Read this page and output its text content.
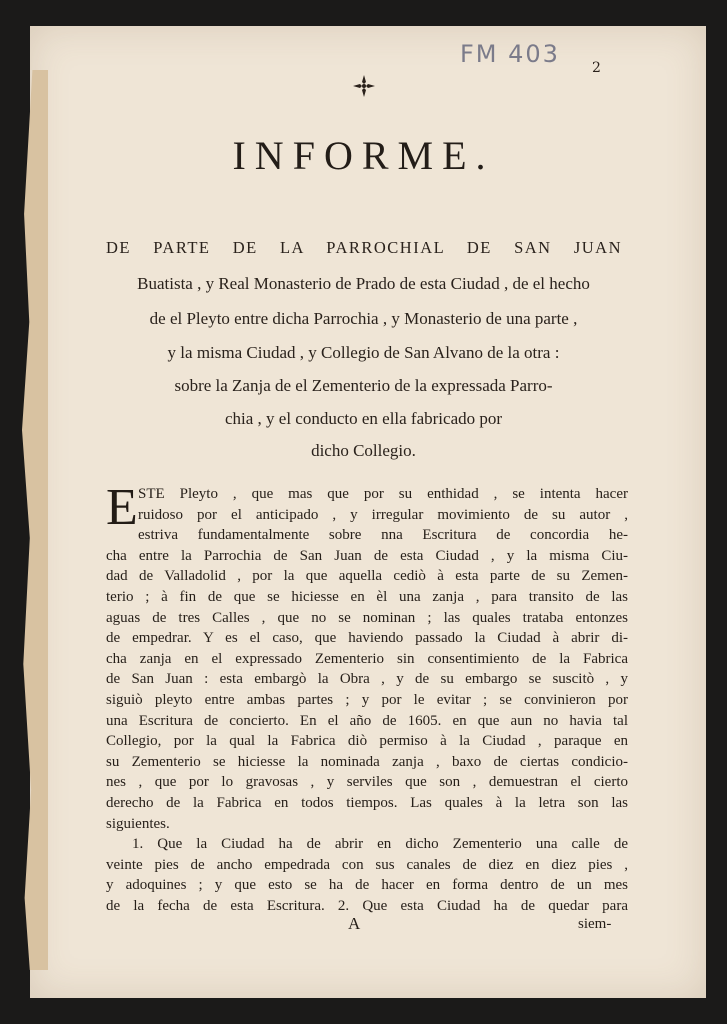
FM 403 2
INFORME.
DE PARTE DE LA PARROCHIAL DE SAN JUAN
Buatista , y Real Monasterio de Prado de esta Ciudad , de el hecho
de el Pleyto entre dicha Parrochia , y Monasterio de una parte ,
y la misma Ciudad , y Collegio de San Alvano de la otra :
sobre la Zanja de el Zementerio de la expressada Parro-
chia , y el conducto en ella fabricado por
dicho Collegio.
E STE Pleyto , que mas que por su enthidad , se intenta hacer
ruidoso por el anticipado , y irregular movimiento de su autor ,
estriva fundamentalmente sobre nna Escritura de concordia he-
cha entre la Parrochia de San Juan de esta Ciudad , y la misma Ciu-
dad de Valladolid , por la que aquella cediò à esta parte de su Zemen-
terio ; à fin de que se hiciesse en èl una zanja , para transito de las
aguas de tres Calles , que no se nominan ; las quales trataba entonzes
de empedrar. Y es el caso, que haviendo passado la Ciudad à abrir di-
cha zanja en el expressado Zementerio sin consentimiento de la Fabrica
de San Juan : esta embargò la Obra , y de su embargo se suscitò , y
siguiò pleyto entre ambas partes ; y por le evitar ; se convinieron por
una Escritura de concierto. En el año de 1605. en que aun no havia tal
Collegio, por la qual la Fabrica diò permiso à la Ciudad , paraque en
su Zementerio se hiciesse la nominada zanja , baxo de ciertas condicio-
nes , que por lo gravosas , y serviles que son , demuestran el cierto
derecho de la Fabrica en todos tiempos. Las quales à la letra son las
siguientes.
1. Que la Ciudad ha de abrir en dicho Zementerio una calle de
veinte pies de ancho empedrada con sus canales de diez en diez pies ,
y adoquines ; y que esto se ha de hacer en forma dentro de un mes
de la fecha de esta Escritura. 2. Que esta Ciudad ha de quedar para
A	siem-
